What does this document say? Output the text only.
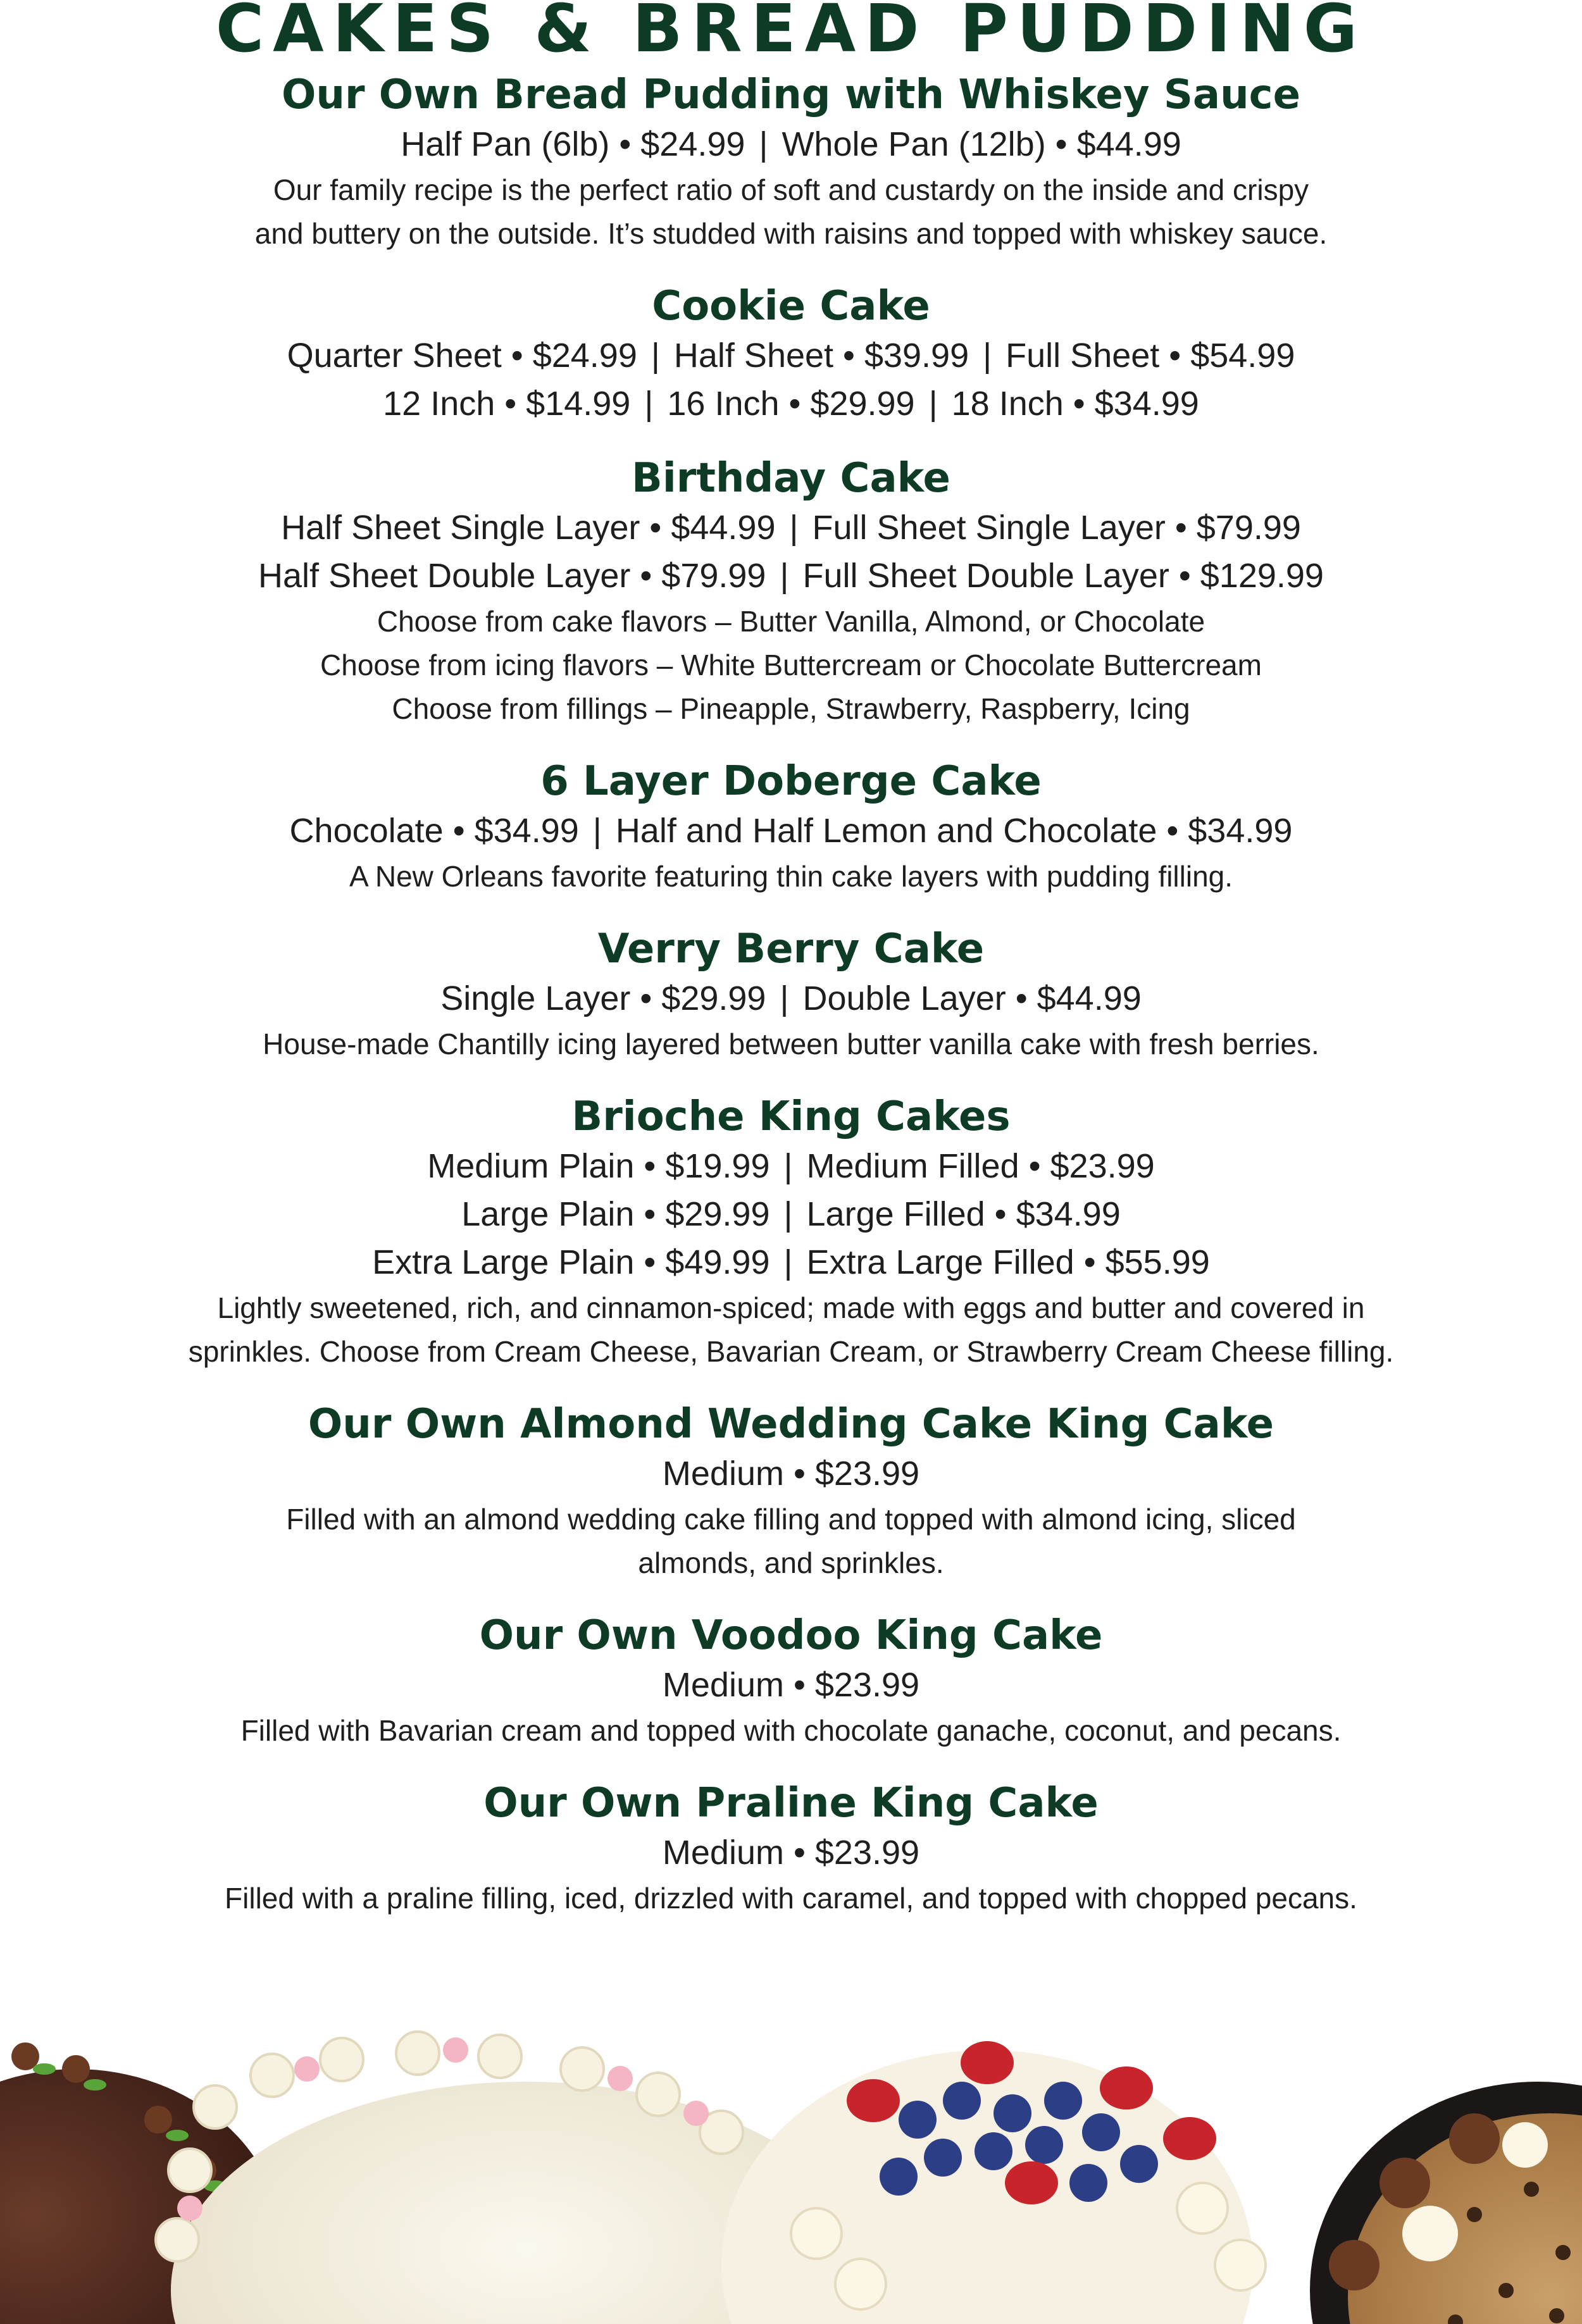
CAKES & BREAD PUDDING
Our Own Bread Pudding with Whiskey Sauce
Half Pan (6lb) • $24.99 | Whole Pan (12lb) • $44.99
Our family recipe is the perfect ratio of soft and custardy on the inside and crispy
and buttery on the outside. It’s studded with raisins and topped with whiskey sauce.
Cookie Cake
Quarter Sheet • $24.99 | Half Sheet • $39.99 | Full Sheet • $54.99
12 Inch • $14.99 | 16 Inch • $29.99 | 18 Inch • $34.99
Birthday Cake
Half Sheet Single Layer • $44.99 | Full Sheet Single Layer • $79.99
Half Sheet Double Layer • $79.99 | Full Sheet Double Layer • $129.99
Choose from cake flavors – Butter Vanilla, Almond, or Chocolate
Choose from icing flavors – White Buttercream or Chocolate Buttercream
Choose from fillings – Pineapple, Strawberry, Raspberry, Icing
6 Layer Doberge Cake
Chocolate • $34.99 | Half and Half Lemon and Chocolate • $34.99
A New Orleans favorite featuring thin cake layers with pudding filling.
Verry Berry Cake
Single Layer • $29.99 | Double Layer • $44.99
House-made Chantilly icing layered between butter vanilla cake with fresh berries.
Brioche King Cakes
Medium Plain • $19.99 | Medium Filled • $23.99
Large Plain • $29.99 | Large Filled • $34.99
Extra Large Plain • $49.99 | Extra Large Filled • $55.99
Lightly sweetened, rich, and cinnamon-spiced; made with eggs and butter and covered in
sprinkles. Choose from Cream Cheese, Bavarian Cream, or Strawberry Cream Cheese filling.
Our Own Almond Wedding Cake King Cake
Medium • $23.99
Filled with an almond wedding cake filling and topped with almond icing, sliced
almonds, and sprinkles.
Our Own Voodoo King Cake
Medium • $23.99
Filled with Bavarian cream and topped with chocolate ganache, coconut, and pecans.
Our Own Praline King Cake
Medium • $23.99
Filled with a praline filling, iced, drizzled with caramel, and topped with chopped pecans.
